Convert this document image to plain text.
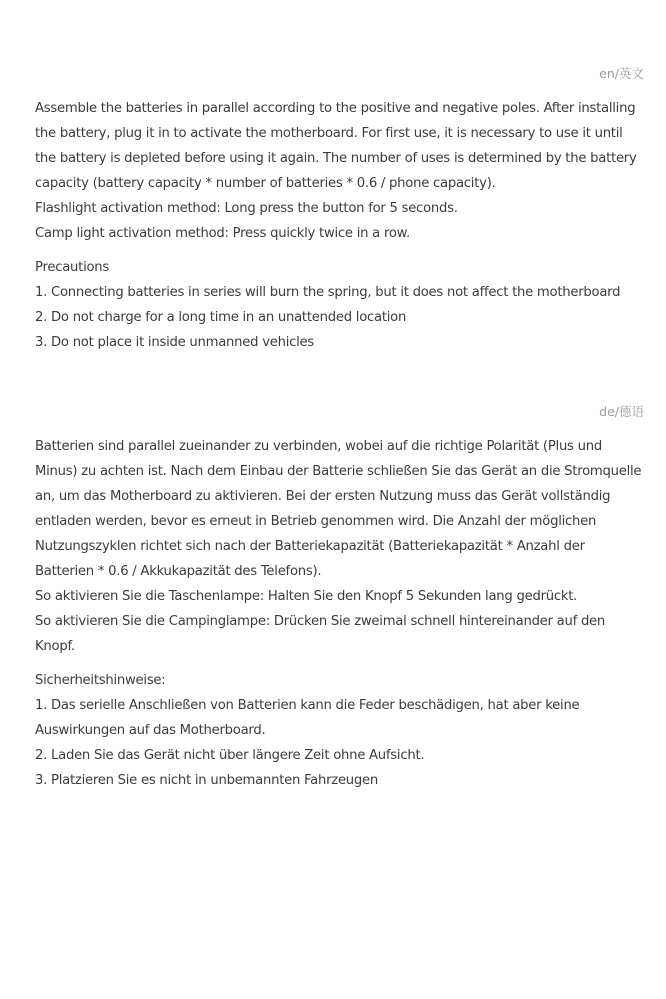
en/英文
Assemble the batteries in parallel according to the positive and negative poles. After installing
the battery, plug it in to activate the motherboard. For first use, it is necessary to use it until
the battery is depleted before using it again. The number of uses is determined by the battery
capacity (battery capacity * number of batteries * 0.6 / phone capacity).
Flashlight activation method: Long press the button for 5 seconds.
Camp light activation method: Press quickly twice in a row.
Precautions
1. Connecting batteries in series will burn the spring, but it does not affect the motherboard
2. Do not charge for a long time in an unattended location
3. Do not place it inside unmanned vehicles
de/德语
Batterien sind parallel zueinander zu verbinden, wobei auf die richtige Polarität (Plus und
Minus) zu achten ist. Nach dem Einbau der Batterie schließen Sie das Gerät an die Stromquelle
an, um das Motherboard zu aktivieren. Bei der ersten Nutzung muss das Gerät vollständig
entladen werden, bevor es erneut in Betrieb genommen wird. Die Anzahl der möglichen
Nutzungszyklen richtet sich nach der Batteriekapazität (Batteriekapazität * Anzahl der
Batterien * 0.6 / Akkukapazität des Telefons).
So aktivieren Sie die Taschenlampe: Halten Sie den Knopf 5 Sekunden lang gedrückt.
So aktivieren Sie die Campinglampe: Drücken Sie zweimal schnell hintereinander auf den
Knopf.
Sicherheitshinweise:
1. Das serielle Anschließen von Batterien kann die Feder beschädigen, hat aber keine
Auswirkungen auf das Motherboard.
2. Laden Sie das Gerät nicht über längere Zeit ohne Aufsicht.
3. Platzieren Sie es nicht in unbemannten Fahrzeugen
